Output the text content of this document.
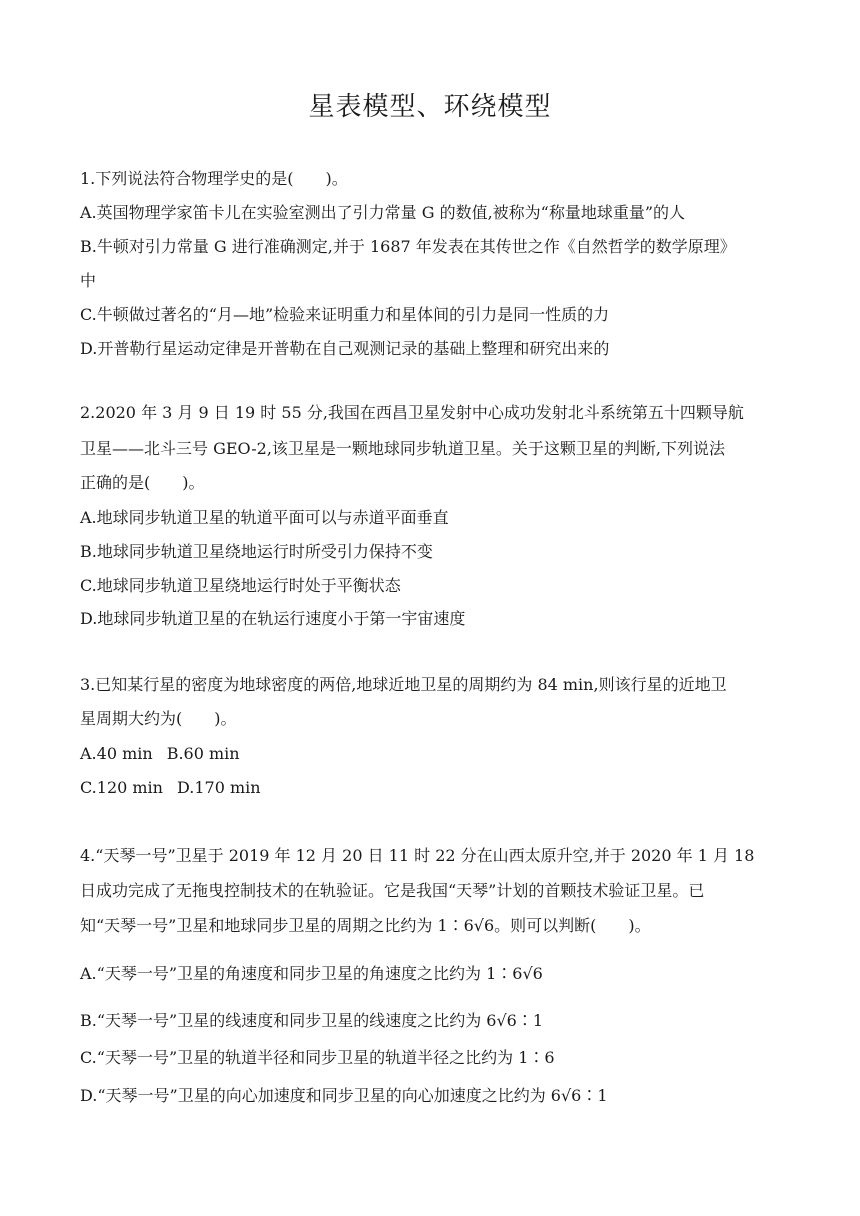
星表模型、环绕模型
1.下列说法符合物理学史的是(　　)。
A.英国物理学家笛卡儿在实验室测出了引力常量 G 的数值,被称为“称量地球重量”的人
B.牛顿对引力常量 G 进行准确测定,并于 1687 年发表在其传世之作《自然哲学的数学原理》
中
C.牛顿做过著名的“月—地”检验来证明重力和星体间的引力是同一性质的力
D.开普勒行星运动定律是开普勒在自己观测记录的基础上整理和研究出来的
2.2020 年 3 月 9 日 19 时 55 分,我国在西昌卫星发射中心成功发射北斗系统第五十四颗导航
卫星——北斗三号 GEO-2,该卫星是一颗地球同步轨道卫星。关于这颗卫星的判断,下列说法
正确的是(　　)。
A.地球同步轨道卫星的轨道平面可以与赤道平面垂直
B.地球同步轨道卫星绕地运行时所受引力保持不变
C.地球同步轨道卫星绕地运行时处于平衡状态
D.地球同步轨道卫星的在轨运行速度小于第一宇宙速度
3.已知某行星的密度为地球密度的两倍,地球近地卫星的周期约为 84 min,则该行星的近地卫
星周期大约为(　　)。
A.40 min B.60 min
C.120 min D.170 min
4.“天琴一号”卫星于 2019 年 12 月 20 日 11 时 22 分在山西太原升空,并于 2020 年 1 月 18
日成功完成了无拖曳控制技术的在轨验证。它是我国“天琴”计划的首颗技术验证卫星。已
知“天琴一号”卫星和地球同步卫星的周期之比约为 1∶6√6。则可以判断(　　)。
A.“天琴一号”卫星的角速度和同步卫星的角速度之比约为 1∶6√6
B.“天琴一号”卫星的线速度和同步卫星的线速度之比约为 6√6∶1
C.“天琴一号”卫星的轨道半径和同步卫星的轨道半径之比约为 1∶6
D.“天琴一号”卫星的向心加速度和同步卫星的向心加速度之比约为 6√6∶1
